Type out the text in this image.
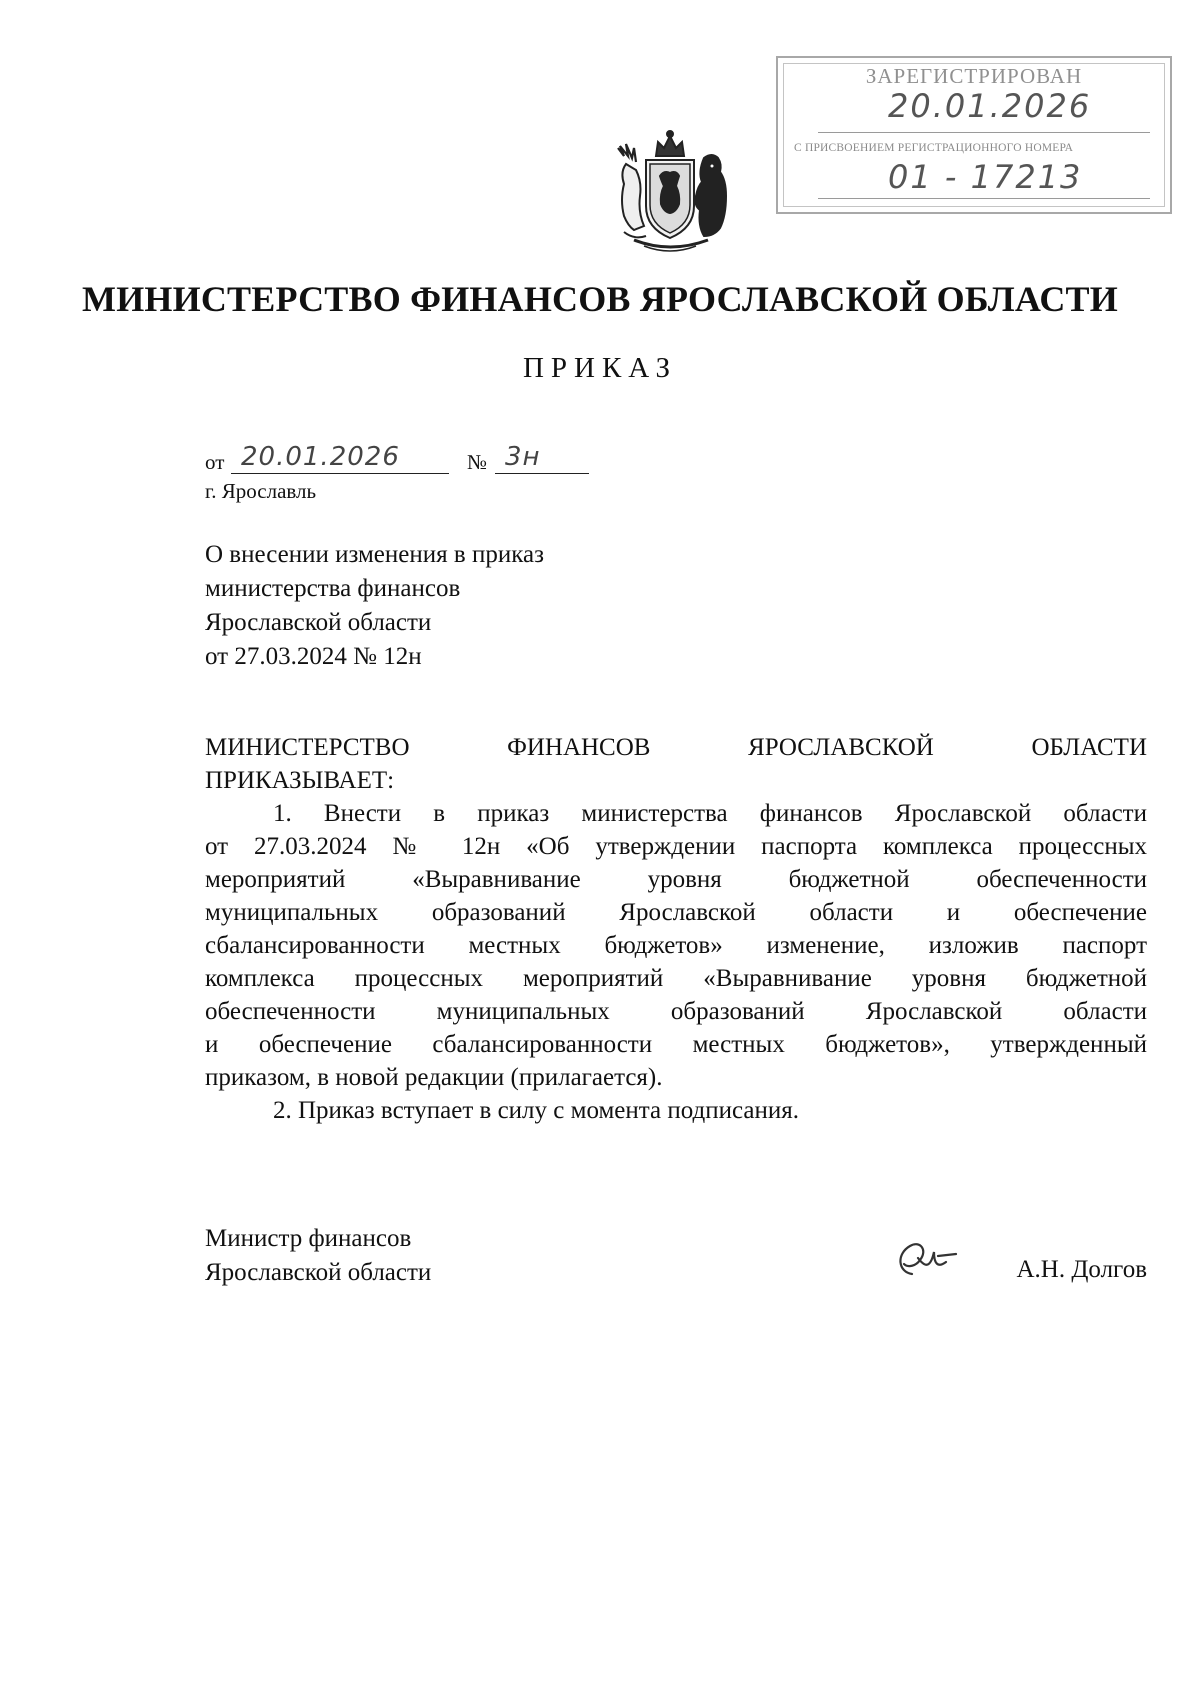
ЗАРЕГИСТРИРОВАН
20.01.2026
С ПРИСВОЕНИЕМ РЕГИСТРАЦИОННОГО НОМЕРА
01 - 17213
МИНИСТЕРСТВО ФИНАНСОВ ЯРОСЛАВСКОЙ ОБЛАСТИ
ПРИКАЗ
от 20.01.2026	№ 3н
г. Ярославль
О внесении изменения в приказ
министерства финансов
Ярославской области
от 27.03.2024 № 12н
МИНИСТЕРСТВО ФИНАНСОВ ЯРОСЛАВСКОЙ ОБЛАСТИ
ПРИКАЗЫВАЕТ:
1. Внести в приказ министерства финансов Ярославской области
от 27.03.2024 № 12н «Об утверждении паспорта комплекса процессных
мероприятий «Выравнивание уровня бюджетной обеспеченности
муниципальных образований Ярославской области и обеспечение
сбалансированности местных бюджетов» изменение, изложив паспорт
комплекса процессных мероприятий «Выравнивание уровня бюджетной
обеспеченности муниципальных образований Ярославской области
и обеспечение сбалансированности местных бюджетов», утвержденный
приказом, в новой редакции (прилагается).
2. Приказ вступает в силу с момента подписания.
Министр финансов
Ярославской области	А.Н. Долгов
